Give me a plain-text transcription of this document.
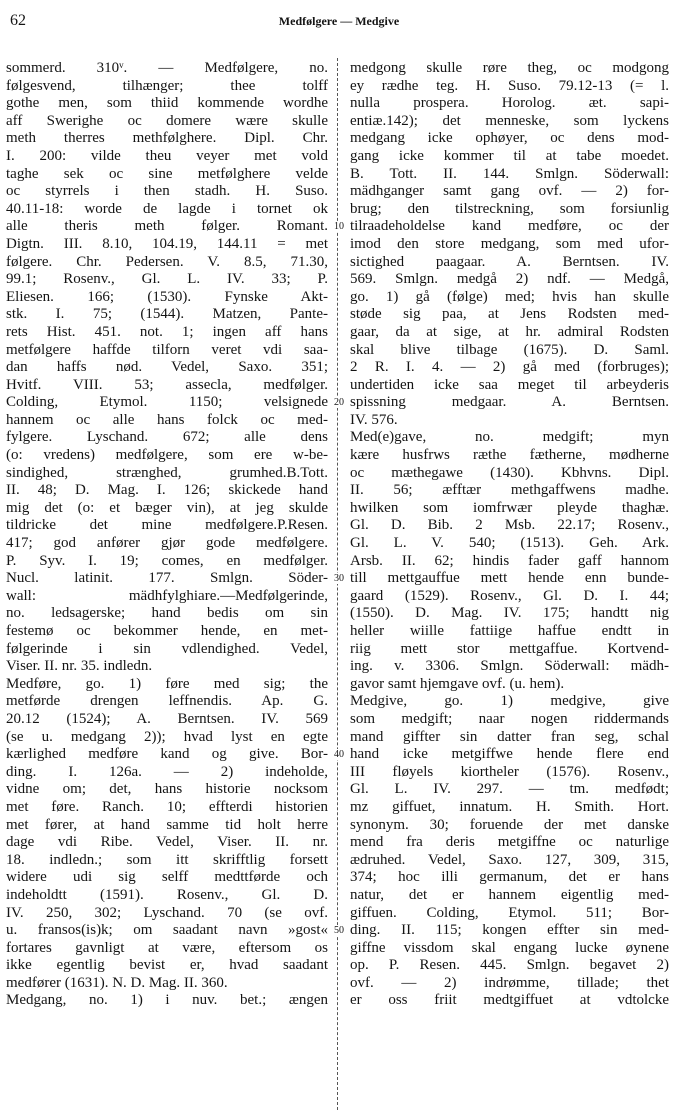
62	Medfølgere — Medgive
sommerd. 310ᵛ. — Medfølgere, no.
følgesvend, tilhænger; thee tolff
gothe men, som thiid kommende wordhe
aff Swerighe oc domere wære skulle
meth therres methfølghere. Dipl. Chr.
I. 200: vilde theu veyer met vold
taghe sek oc sine metfølghere velde
oc styrrels i then stadh. H. Suso.
40.11-18: worde de lagde i tornet ok
alle theris meth følger. Romant.
Digtn. III. 8.10, 104.19, 144.11 = met
følgere. Chr. Pedersen. V. 8.5, 71.30,
99.1; Rosenv., Gl. L. IV. 33; P.
Eliesen. 166; (1530). Fynske Akt-
stk. I. 75; (1544). Matzen, Pante-
rets Hist. 451. not. 1; ingen aff hans
metfølgere haffde tilforn veret vdi saa-
dan haffs nød. Vedel, Saxo. 351;
Hvitf. VIII. 53; assecla, medfølger.
Colding, Etymol. 1150; velsignede
hannem oc alle hans folck oc med-
fylgere. Lyschand. 672; alle dens
(o: vredens) medfølgere, som ere w-be-
sindighed, strænghed, grumhed.B.Tott.
II. 48; D. Mag. I. 126; skickede hand
mig det (o: et bæger vin), at jeg skulde
tildricke det mine medfølgere.P.Resen.
417; god anfører gjør gode medfølgere.
P. Syv. I. 19; comes, en medfølger.
Nucl. latinit. 177. Smlgn. Söder-
wall: mädhfylghiare.—Medfølgerinde,
no. ledsagerske; hand bedis om sin
festemø oc bekommer hende, en met-
følgerinde i sin vdlendighed. Vedel,
Viser. II. nr. 35. indledn.
Medføre, go. 1) føre med sig; the
metførde drengen leffnendis. Ap. G.
20.12 (1524); A. Berntsen. IV. 569
(se u. medgang 2)); hvad lyst en egte
kærlighed medføre kand og give. Bor-
ding. I. 126a. — 2) indeholde,
vidne om; det, hans historie nocksom
met føre. Ranch. 10; effterdi historien
met fører, at hand samme tid holt herre
dage vdi Ribe. Vedel, Viser. II. nr.
18. indledn.; som itt skrifftlig forsett
widere udi sig selff medttførde och
indeholdtt (1591). Rosenv., Gl. D.
IV. 250, 302; Lyschand. 70 (se ovf.
u. fransos(is)k; om saadant navn »gost«
fortares gavnligt at være, eftersom os
ikke egentlig bevist er, hvad saadant
medfører (1631). N. D. Mag. II. 360.
Medgang, no. 1) i nuv. bet.; ængen
10
20
30
40
50
medgong skulle røre theg, oc modgong
ey rædhe teg. H. Suso. 79.12-13 (= l.
nulla prospera. Horolog. æt. sapi-
entiæ.142); det menneske, som lyckens
medgang icke ophøyer, oc dens mod-
gang icke kommer til at tabe moedet.
B. Tott. II. 144. Smlgn. Söderwall:
mädhganger samt gang ovf. — 2) for-
brug; den tilstreckning, som forsiunlig
tilraadeholdelse kand medføre, oc der
imod den store medgang, som med ufor-
sictighed paagaar. A. Berntsen. IV.
569. Smlgn. medgå 2) ndf. — Medgå,
go. 1) gå (følge) med; hvis han skulle
støde sig paa, at Jens Rodsten med-
gaar, da at sige, at hr. admiral Rodsten
skal blive tilbage (1675). D. Saml.
2 R. I. 4. — 2) gå med (forbruges);
undertiden icke saa meget til arbeyderis
spissning medgaar. A. Berntsen.
IV. 576.
Med(e)gave, no. medgift; myn
kære husfrws ræthe fætherne, mødherne
oc mæthegawe (1430). Kbhvns. Dipl.
II. 56; æfftær methgaffwens madhe.
hwilken som iomfrwær pleyde thaghæ.
Gl. D. Bib. 2 Msb. 22.17; Rosenv.,
Gl. L. V. 540; (1513). Geh. Ark.
Arsb. II. 62; hindis fader gaff hannom
till mettgauffue mett hende enn bunde-
gaard (1529). Rosenv., Gl. D. I. 44;
(1550). D. Mag. IV. 175; handtt nig
heller wiille fattiige haffue endtt in
riig mett stor mettgaffue. Kortvend-
ing. v. 3306. Smlgn. Söderwall: mädh-
gavor samt hjemgave ovf. (u. hem).
Medgive, go. 1) medgive, give
som medgift; naar nogen riddermands
mand giffter sin datter fran seg, schal
hand icke metgiffwe hende flere end
III fløyels kiortheler (1576). Rosenv.,
Gl. L. IV. 297. — tm. medfødt;
mz giffuet, innatum. H. Smith. Hort.
synonym. 30; foruende der met danske
mend fra deris metgiffne oc naturlige
ædruhed. Vedel, Saxo. 127, 309, 315,
374; hoc illi germanum, det er hans
natur, det er hannem eigentlig med-
giffuen. Colding, Etymol. 511; Bor-
ding. II. 115; kongen effter sin med-
giffne vissdom skal engang lucke øynene
op. P. Resen. 445. Smlgn. begavet 2)
ovf. — 2) indrømme, tillade; thet
er oss friit medtgiffuet at vdtolcke
